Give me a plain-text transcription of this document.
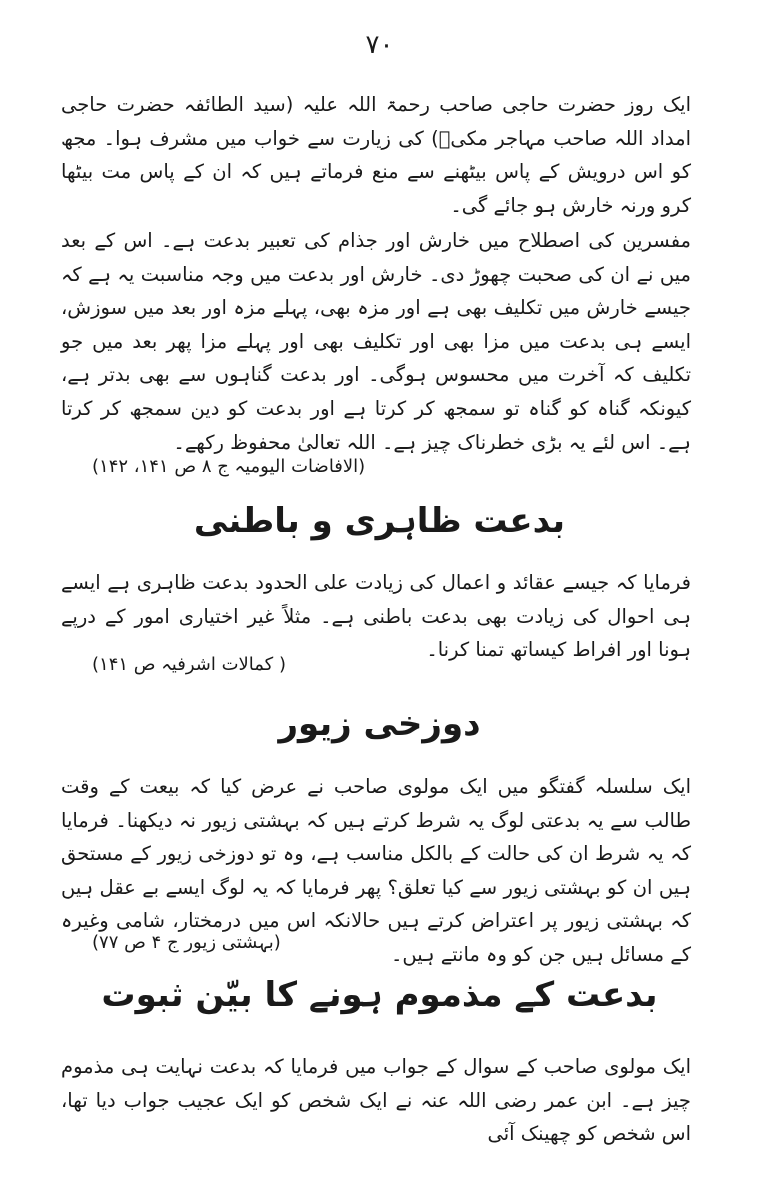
٧٠

ایک روز حضرت حاجی صاحب رحمۃ اللہ علیہ (سید الطائفہ حضرت حاجی امداد اللہ صاحب مہاجر مکیؒ) کی زیارت سے خواب میں مشرف ہوا۔ مجھ کو اس درویش کے پاس بیٹھنے سے منع فرماتے ہیں کہ ان کے پاس مت بیٹھا کرو ورنہ خارش ہو جائے گی۔

مفسرین کی اصطلاح میں خارش اور جذام کی تعبیر بدعت ہے۔ اس کے بعد میں نے ان کی صحبت چھوڑ دی۔ خارش اور بدعت میں وجہ مناسبت یہ ہے کہ جیسے خارش میں تکلیف بھی ہے اور مزہ بھی، پہلے مزہ اور بعد میں سوزش، ایسے ہی بدعت میں مزا بھی اور تکلیف بھی اور پہلے مزا پھر بعد میں جو تکلیف کہ آخرت میں محسوس ہوگی۔ اور بدعت گناہوں سے بھی بدتر ہے، کیونکہ گناہ کو گناہ تو سمجھ کر کرتا ہے اور بدعت کو دین سمجھ کر کرتا ہے۔ اس لئے یہ بڑی خطرناک چیز ہے۔ اللہ تعالیٰ محفوظ رکھے۔

(الافاضات الیومیہ ج ۸ ص ۱۴۱، ۱۴۲)
بدعت ظاہری و باطنی

فرمایا کہ جیسے عقائد و اعمال کی زیادت علی الحدود بدعت ظاہری ہے ایسے ہی احوال کی زیادت بھی بدعت باطنی ہے۔ مثلاً غیر اختیاری امور کے درپے ہونا اور افراط کیساتھ تمنا کرنا۔

( کمالات اشرفیہ ص ۱۴۱)
دوزخی زیور

ایک سلسلہ گفتگو میں ایک مولوی صاحب نے عرض کیا کہ بیعت کے وقت طالب سے یہ بدعتی لوگ یہ شرط کرتے ہیں کہ بہشتی زیور نہ دیکھنا۔ فرمایا کہ یہ شرط ان کی حالت کے بالکل مناسب ہے، وہ تو دوزخی زیور کے مستحق ہیں ان کو بہشتی زیور سے کیا تعلق؟ پھر فرمایا کہ یہ لوگ ایسے بے عقل ہیں کہ بہشتی زیور پر اعتراض کرتے ہیں حالانکہ اس میں درمختار، شامی وغیرہ کے مسائل ہیں جن کو وہ مانتے ہیں۔

(بہشتی زیور ج ۴ ص ۷۷)
بدعت کے مذموم ہونے کا بیّن ثبوت

ایک مولوی صاحب کے سوال کے جواب میں فرمایا کہ بدعت نہایت ہی مذموم چیز ہے۔ ابن عمر رضی اللہ عنہ نے ایک شخص کو ایک عجیب جواب دیا تھا، اس شخص کو چھینک آئی
